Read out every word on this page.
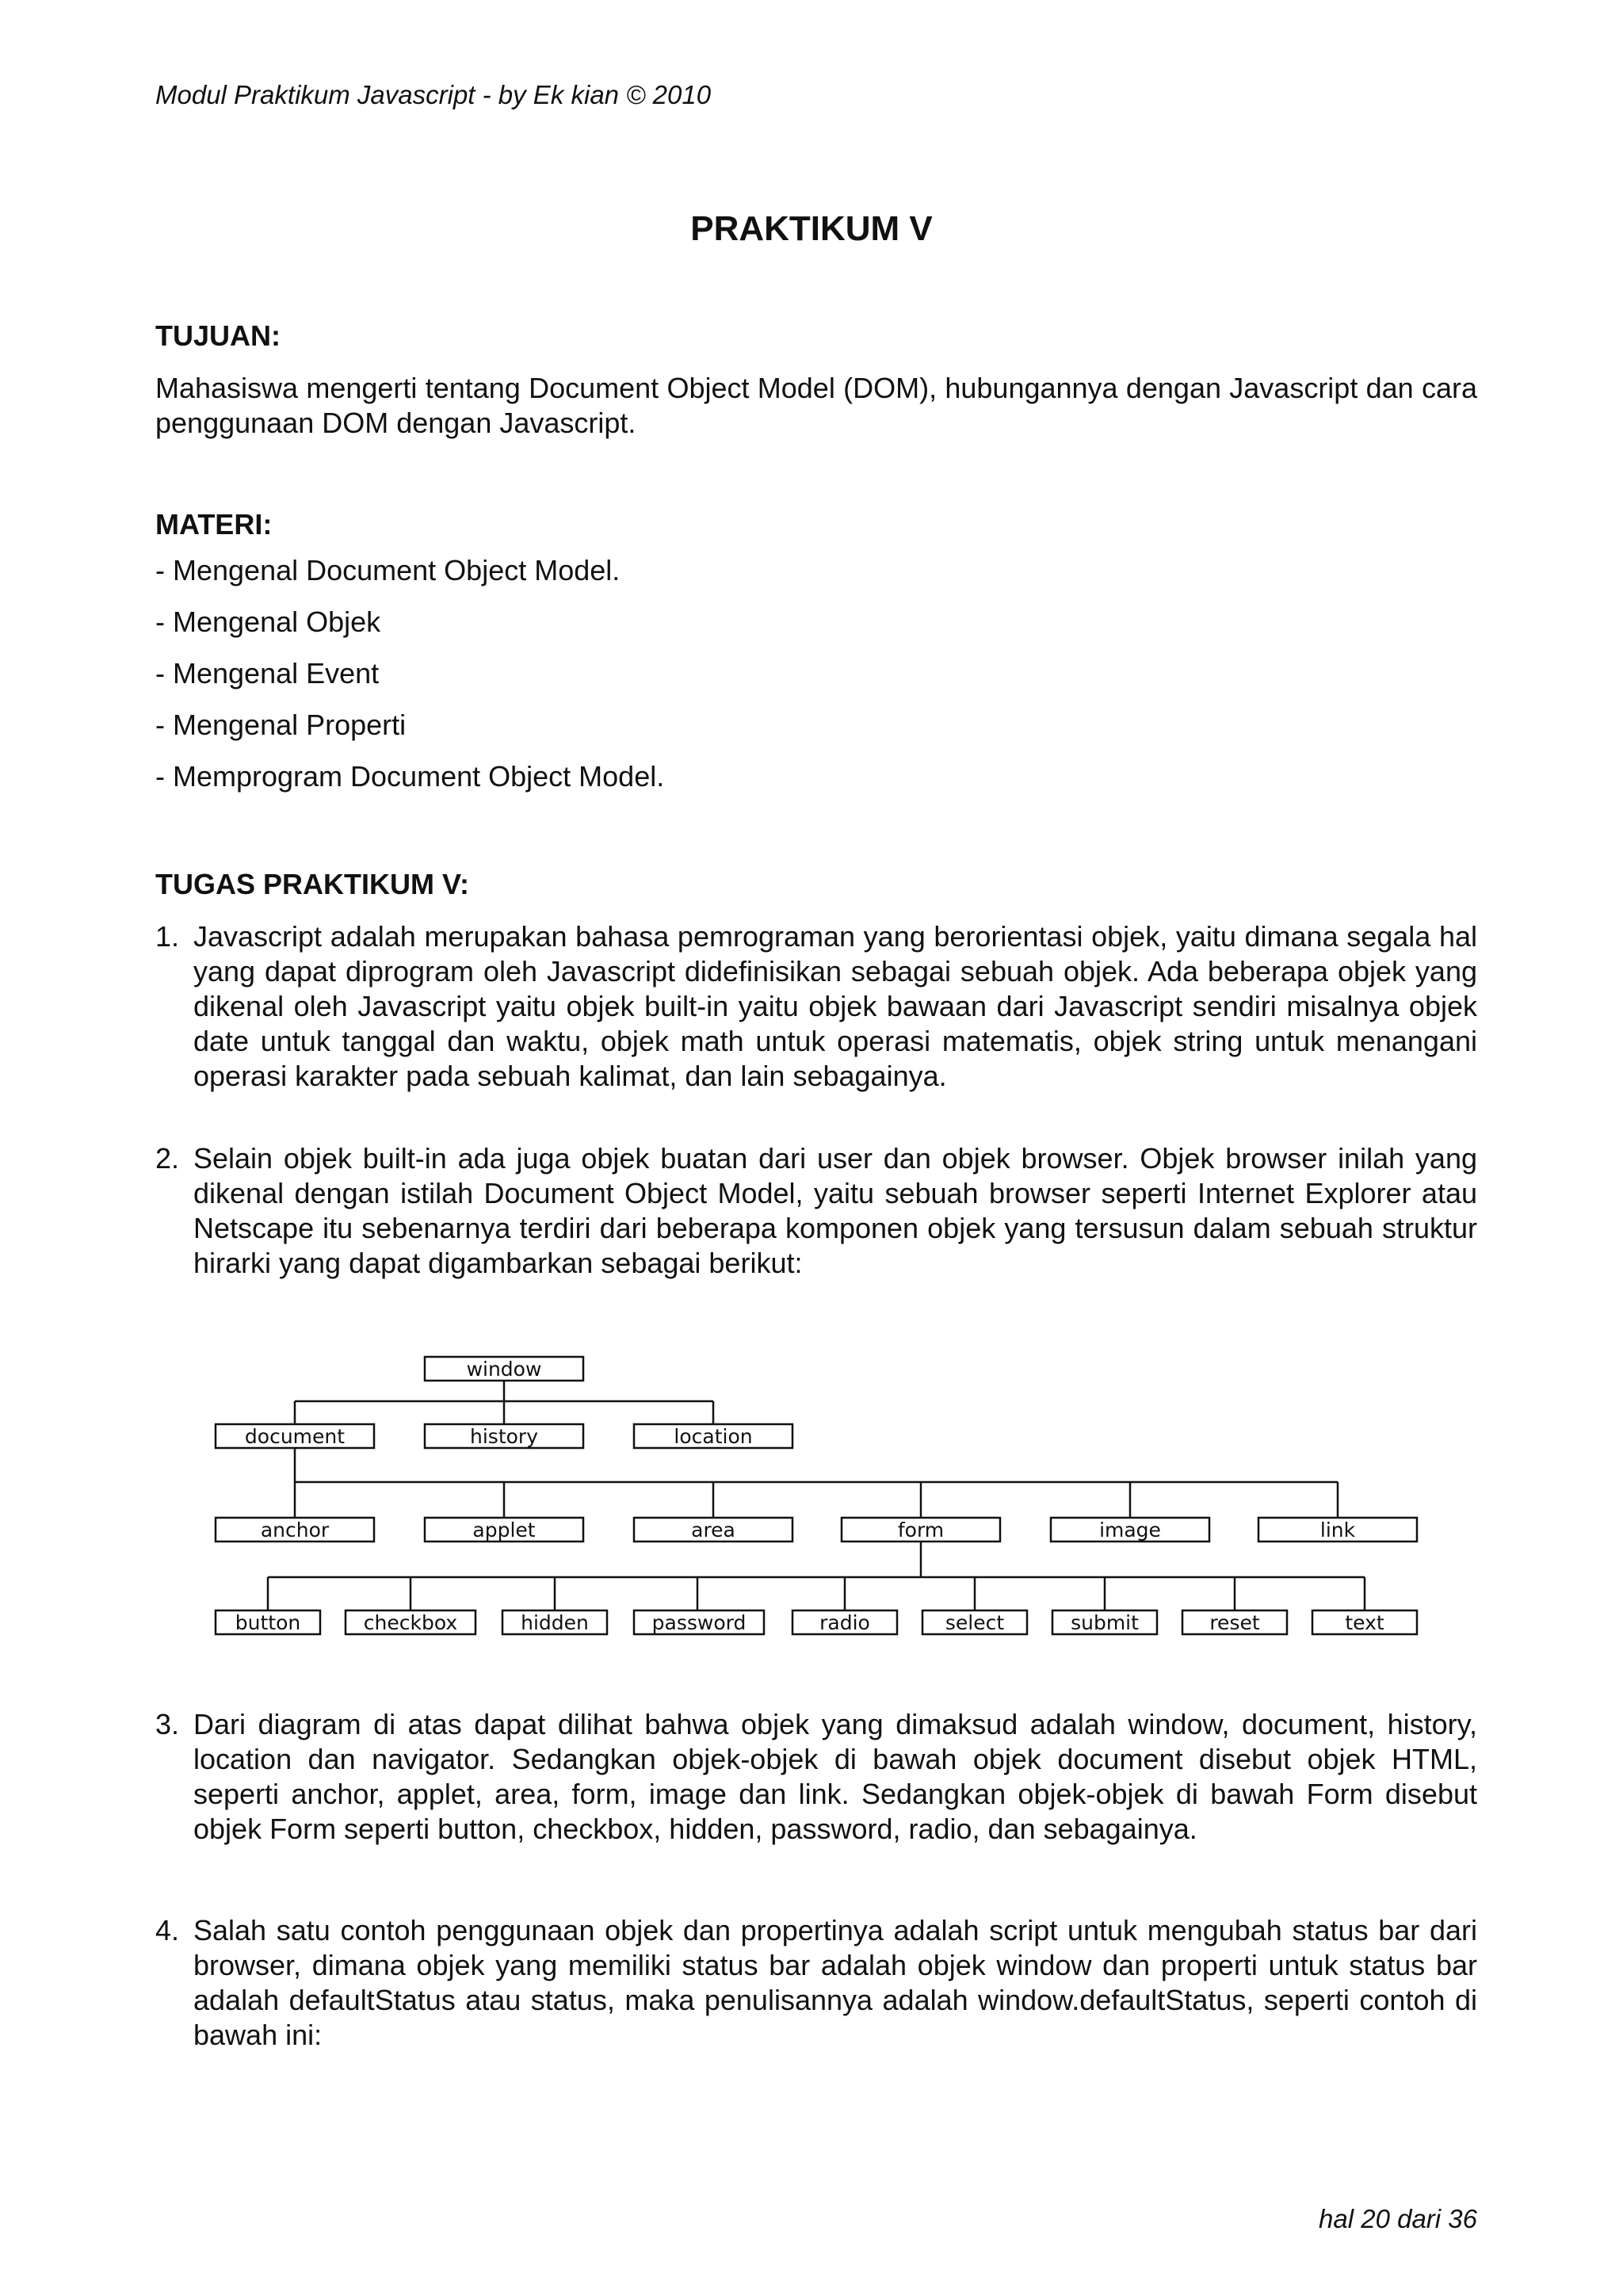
Modul Praktikum Javascript - by Ek kian © 2010
PRAKTIKUM V
TUJUAN:

Mahasiswa mengerti tentang Document Object Model (DOM), hubungannya dengan Javascript dan cara penggunaan DOM dengan Javascript.

MATERI:
- Mengenal Document Object Model.
- Mengenal Objek
- Mengenal Event
- Mengenal Properti
- Memprogram Document Object Model.
TUGAS PRAKTIKUM V:
1. Javascript adalah merupakan bahasa pemrograman yang berorientasi objek, yaitu dimana segala hal yang dapat diprogram oleh Javascript didefinisikan sebagai sebuah objek. Ada beberapa objek yang dikenal oleh Javascript yaitu objek built-in yaitu objek bawaan dari Javascript sendiri misalnya objek date untuk tanggal dan waktu, objek math untuk operasi matematis, objek string untuk menangani operasi karakter pada sebuah kalimat, dan lain sebagainya.
2. Selain objek built-in ada juga objek buatan dari user dan objek browser. Objek browser inilah yang dikenal dengan istilah Document Object Model, yaitu sebuah browser seperti Internet Explorer atau Netscape itu sebenarnya terdiri dari beberapa komponen objek yang tersusun dalam sebuah struktur hirarki yang dapat digambarkan sebagai berikut:
window
document	history	location
anchor	applet	area	form	image	link
button	checkbox	hidden	password	radio	select	submit	reset	text
3. Dari diagram di atas dapat dilihat bahwa objek yang dimaksud adalah window, document, history, location dan navigator. Sedangkan objek-objek di bawah objek document disebut objek HTML, seperti anchor, applet, area, form, image dan link. Sedangkan objek-objek di bawah Form disebut objek Form seperti button, checkbox, hidden, password, radio, dan sebagainya.
4. Salah satu contoh penggunaan objek dan propertinya adalah script untuk mengubah status bar dari browser, dimana objek yang memiliki status bar adalah objek window dan properti untuk status bar adalah defaultStatus atau status, maka penulisannya adalah window.defaultStatus, seperti contoh di bawah ini:
hal 20 dari 36
